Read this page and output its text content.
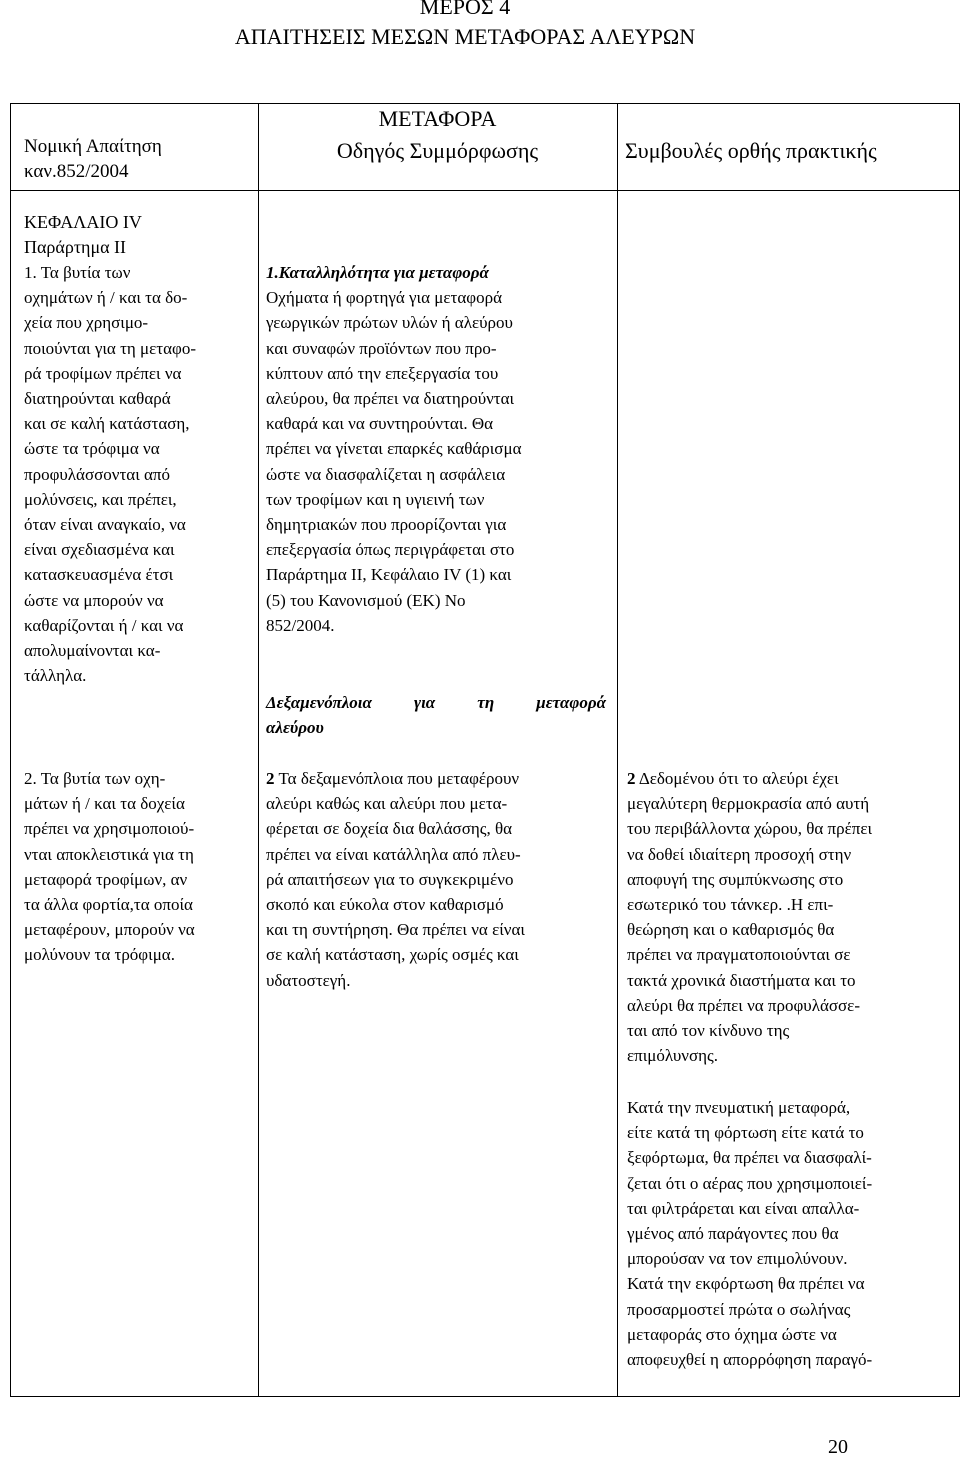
ΜΕΡΟΣ 4
ΑΠΑΙΤΗΣΕΙΣ ΜΕΣΩΝ ΜΕΤΑΦΟΡΑΣ ΑΛΕΥΡΩΝ
Νομική Απαίτηση
καν.852/2004
ΜΕΤΑΦΟΡΑ
Οδηγός Συμμόρφωσης	Συμβουλές ορθής πρακτικής
ΚΕΦΑΛΑΙΟ IV
Παράρτημα II
1. Τα βυτία των
οχημάτων ή / και τα δο-
χεία που χρησιμο-
ποιούνται για τη μεταφο-
ρά τροφίμων πρέπει να
διατηρούνται καθαρά
και σε καλή κατάσταση,
ώστε τα τρόφιμα να
προφυλάσσονται από
μολύνσεις, και πρέπει,
όταν είναι αναγκαίο, να
είναι σχεδιασμένα και
κατασκευασμένα έτσι
ώστε να μπορούν να
καθαρίζονται ή / και να
απολυμαίνονται κα-
τάλληλα.
2. Τα βυτία των οχη-
μάτων ή / και τα δοχεία
πρέπει να χρησιμοποιού-
νται αποκλειστικά για τη
μεταφορά τροφίμων, αν
τα άλλα φορτία,τα οποία
μεταφέρουν, μπορούν να
μολύνουν τα τρόφιμα.
1.Καταλληλότητα για μεταφορά
Οχήματα ή φορτηγά για μεταφορά
γεωργικών πρώτων υλών ή αλεύρου
και συναφών προϊόντων που προ-
κύπτουν από την επεξεργασία του
αλεύρου, θα πρέπει να διατηρούνται
καθαρά και να συντηρούνται. Θα
πρέπει να γίνεται επαρκές καθάρισμα
ώστε να διασφαλίζεται η ασφάλεια
των τροφίμων και η υγιεινή των
δημητριακών που προορίζονται για
επεξεργασία όπως περιγράφεται στο
Παράρτημα II, Κεφάλαιο IV (1) και
(5) του Κανονισμού (ΕΚ) Νο
852/2004.
Δεξαμενόπλοια για τη μεταφορά
αλεύρου
2 Τα δεξαμενόπλοια που μεταφέρουν
αλεύρι καθώς και αλεύρι που μετα-
φέρεται σε δοχεία δια θαλάσσης, θα
πρέπει να είναι κατάλληλα από πλευ-
ρά απαιτήσεων για το συγκεκριμένο
σκοπό και εύκολα στον καθαρισμό
και τη συντήρηση. Θα πρέπει να είναι
σε καλή κατάσταση, χωρίς οσμές και
υδατοστεγή.
2 Δεδομένου ότι το αλεύρι έχει
μεγαλύτερη θερμοκρασία από αυτή
του περιβάλλοντα χώρου, θα πρέπει
να δοθεί ιδιαίτερη προσοχή στην
αποφυγή της συμπύκνωσης στο
εσωτερικό του τάνκερ. .Η επι-
θεώρηση και ο καθαρισμός θα
πρέπει να πραγματοποιούνται σε
τακτά χρονικά διαστήματα και το
αλεύρι θα πρέπει να προφυλάσσε-
ται από τον κίνδυνο της
επιμόλυνσης.
Κατά την πνευματική μεταφορά,
είτε κατά τη φόρτωση είτε κατά το
ξεφόρτωμα, θα πρέπει να διασφαλί-
ζεται ότι ο αέρας που χρησιμοποιεί-
ται φιλτράρεται και είναι απαλλα-
γμένος από παράγοντες που θα
μπορούσαν να τον επιμολύνουν.
Κατά την εκφόρτωση θα πρέπει να
προσαρμοστεί πρώτα ο σωλήνας
μεταφοράς στο όχημα ώστε να
αποφευχθεί η απορρόφηση παραγό-
20
